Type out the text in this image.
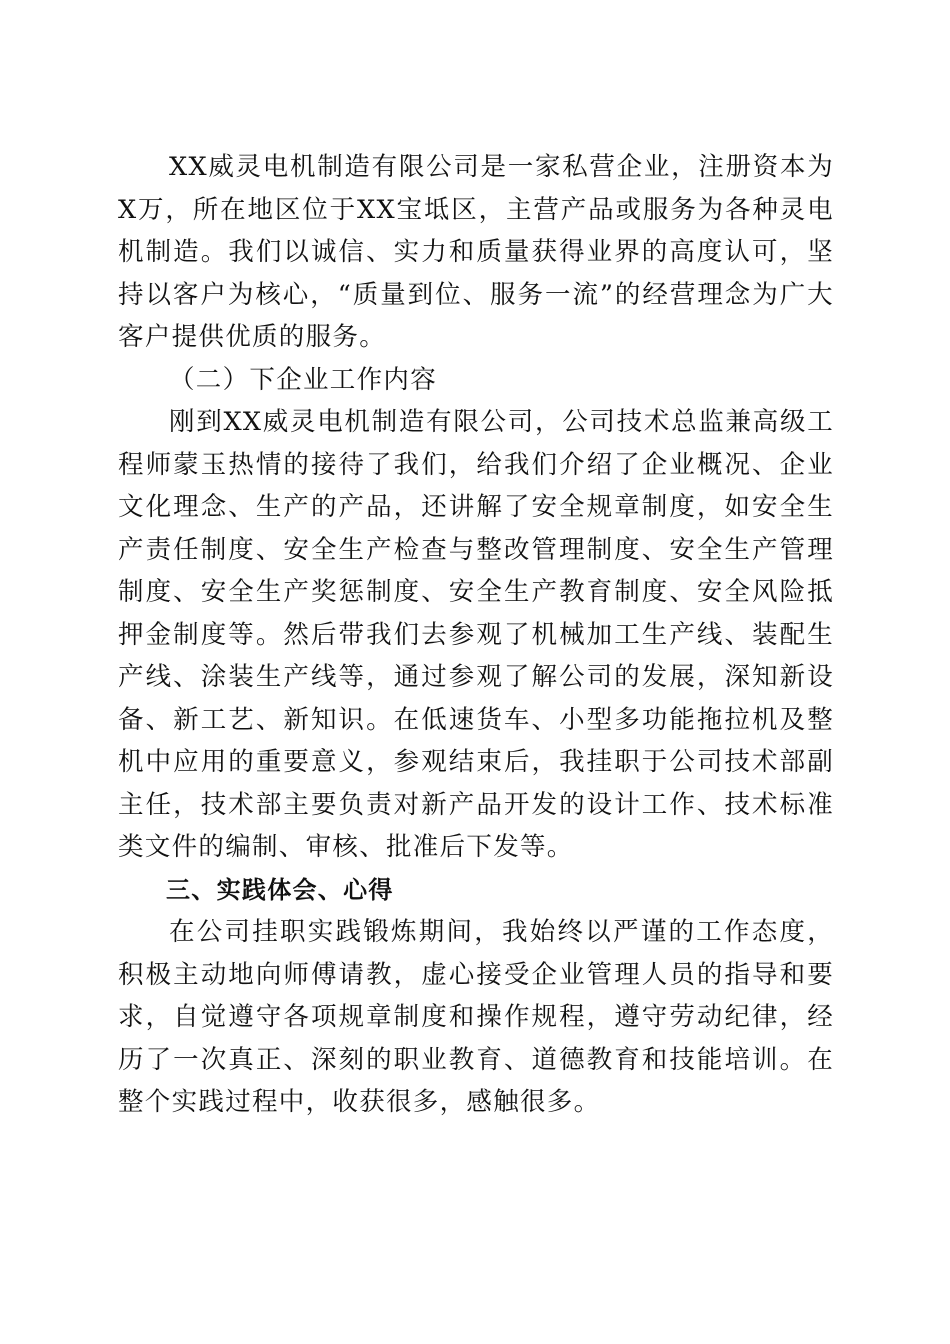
XX威灵电机制造有限公司是一家私营企业，注册资本为X万，所在地区位于XX宝坻区，主营产品或服务为各种灵电机制造。我们以诚信、实力和质量获得业界的高度认可，坚持以客户为核心，“质量到位、服务一流”的经营理念为广大客户提供优质的服务。

（二）下企业工作内容

刚到XX威灵电机制造有限公司，公司技术总监兼高级工程师蒙玉热情的接待了我们，给我们介绍了企业概况、企业文化理念、生产的产品，还讲解了安全规章制度，如安全生产责任制度、安全生产检查与整改管理制度、安全生产管理制度、安全生产奖惩制度、安全生产教育制度、安全风险抵押金制度等。然后带我们去参观了机械加工生产线、装配生产线、涂装生产线等，通过参观了解公司的发展，深知新设备、新工艺、新知识。在低速货车、小型多功能拖拉机及整机中应用的重要意义，参观结束后，我挂职于公司技术部副主任，技术部主要负责对新产品开发的设计工作、技术标准类文件的编制、审核、批准后下发等。

三、实践体会、心得

在公司挂职实践锻炼期间，我始终以严谨的工作态度，积极主动地向师傅请教，虚心接受企业管理人员的指导和要求，自觉遵守各项规章制度和操作规程，遵守劳动纪律，经历了一次真正、深刻的职业教育、道德教育和技能培训。在整个实践过程中，收获很多，感触很多。
